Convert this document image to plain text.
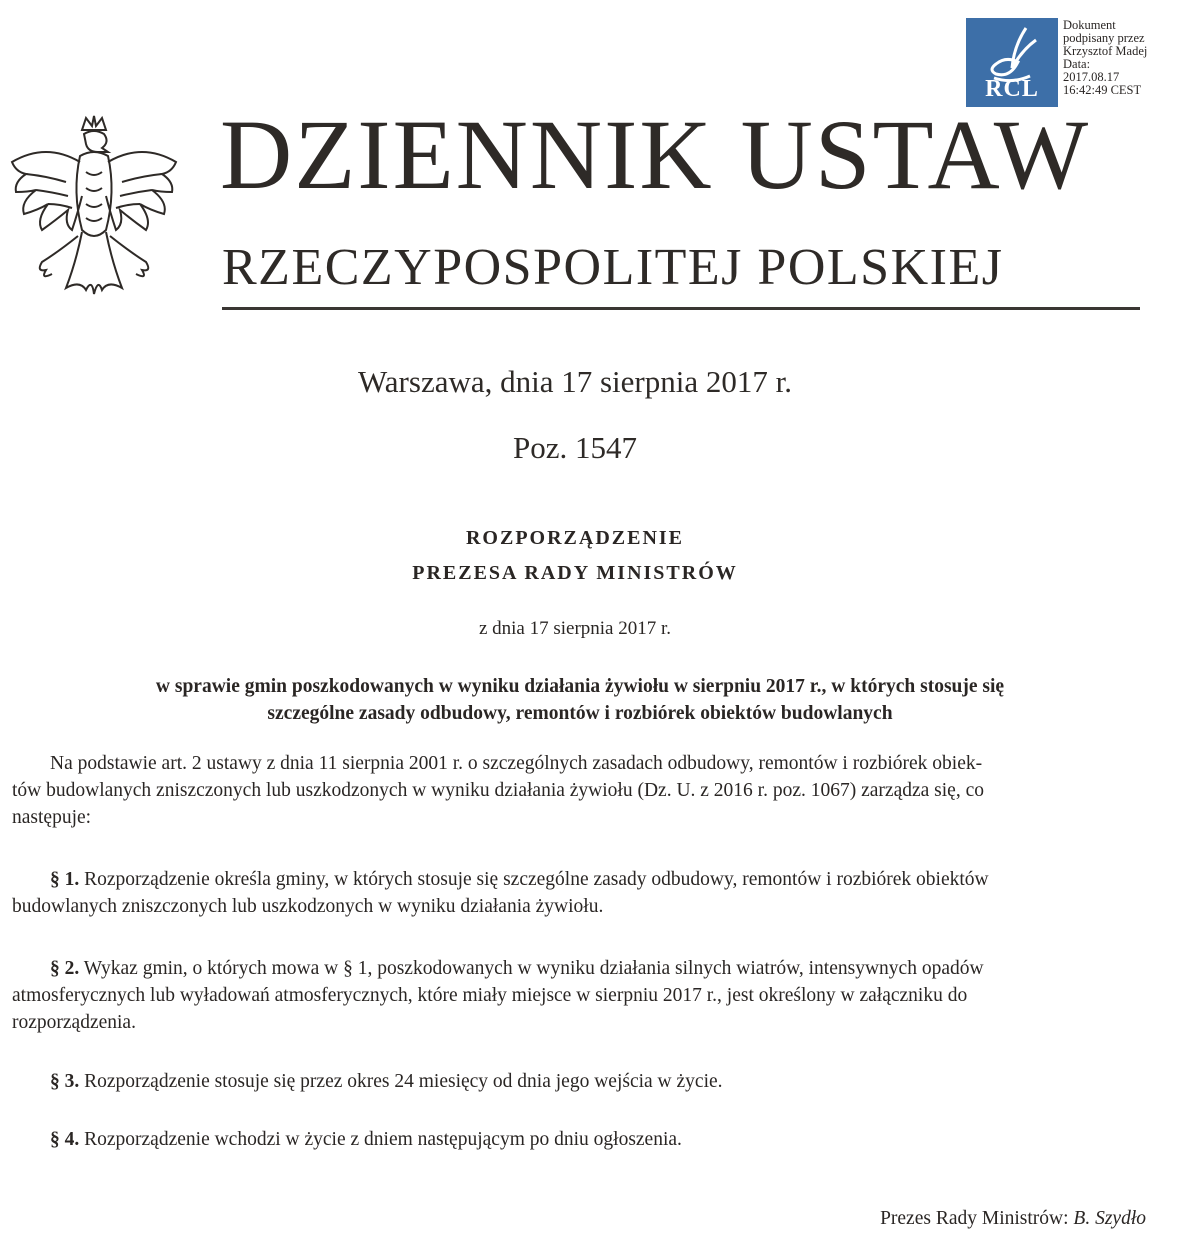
RCL
Dokument
podpisany przez
Krzysztof Madej
Data:
2017.08.17
16:42:49 CEST
DZIENNIK USTAW
RZECZYPOSPOLITEJ POLSKIEJ
Warszawa, dnia 17 sierpnia 2017 r.
Poz. 1547
ROZPORZĄDZENIE
PREZESA RADY MINISTRÓW
z dnia 17 sierpnia 2017 r.
w sprawie gmin poszkodowanych w wyniku działania żywiołu w sierpniu 2017 r., w których stosuje się
szczególne zasady odbudowy, remontów i rozbiórek obiektów budowlanych
Na podstawie art. 2 ustawy z dnia 11 sierpnia 2001 r. o szczególnych zasadach odbudowy, remontów i rozbiórek obiek-
tów budowlanych zniszczonych lub uszkodzonych w wyniku działania żywiołu (Dz. U. z 2016 r. poz. 1067) zarządza się, co
następuje:
§ 1. Rozporządzenie określa gminy, w których stosuje się szczególne zasady odbudowy, remontów i rozbiórek obiektów
budowlanych zniszczonych lub uszkodzonych w wyniku działania żywiołu.
§ 2. Wykaz gmin, o których mowa w § 1, poszkodowanych w wyniku działania silnych wiatrów, intensywnych opadów
atmosferycznych lub wyładowań atmosferycznych, które miały miejsce w sierpniu 2017 r., jest określony w załączniku do
rozporządzenia.
§ 3. Rozporządzenie stosuje się przez okres 24 miesięcy od dnia jego wejścia w życie.
§ 4. Rozporządzenie wchodzi w życie z dniem następującym po dniu ogłoszenia.
Prezes Rady Ministrów: B. Szydło
